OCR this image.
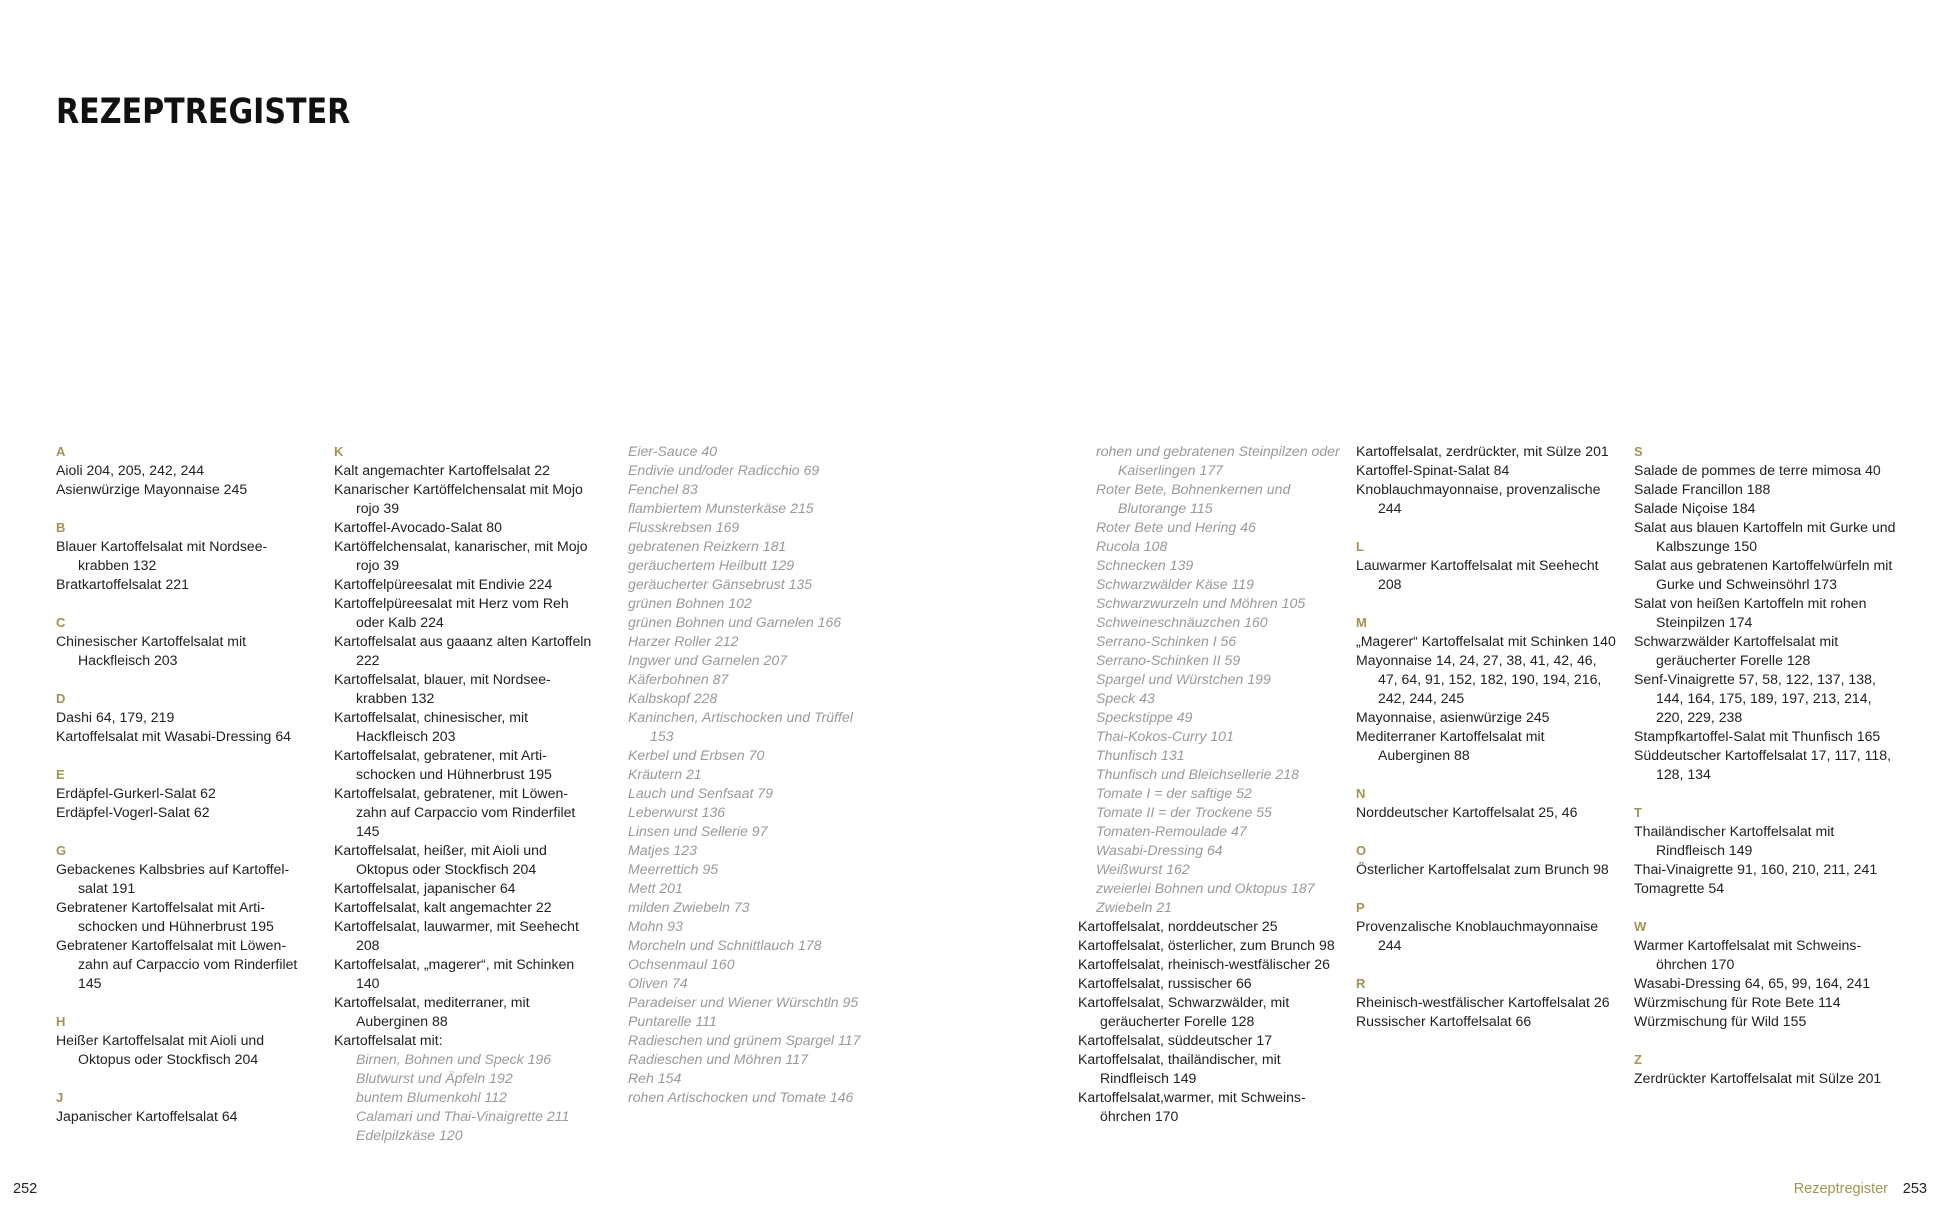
REZEPTREGISTER
A
Aioli 204, 205, 242, 244
Asienwürzige Mayonnaise 245
B
Blauer Kartoffelsalat mit Nordsee-krabben 132
Bratkartoffelsalat 221
C
Chinesischer Kartoffelsalat mit Hackfleisch 203
D
Dashi 64, 179, 219
Kartoffelsalat mit Wasabi-Dressing 64
E
Erdäpfel-Gurkerl-Salat 62
Erdäpfel-Vogerl-Salat 62
G
Gebackenes Kalbsbries auf Kartoffel-salat 191
Gebratener Kartoffelsalat mit Arti-schocken und Hühnerbrust 195
Gebratener Kartoffelsalat mit Löwen-zahn auf Carpaccio vom Rinderfilet 145
H
Heißer Kartoffelsalat mit Aioli und Oktopus oder Stockfisch 204
J
Japanischer Kartoffelsalat 64
K
Kalt angemachter Kartoffelsalat 22
Kanarischer Kartöffelchensalat mit Mojo rojo 39
Kartoffel-Avocado-Salat 80
Kartöffelchensalat, kanarischer, mit Mojo rojo 39
Kartoffelpüreesalat mit Endivie 224
Kartoffelpüreesalat mit Herz vom Reh oder Kalb 224
Kartoffelsalat aus gaaanz alten Kartoffeln 222
Kartoffelsalat, blauer, mit Nordsee-krabben 132
Kartoffelsalat, chinesischer, mit Hackfleisch 203
Kartoffelsalat, gebratener, mit Arti-schocken und Hühnerbrust 195
Kartoffelsalat, gebratener, mit Löwen-zahn auf Carpaccio vom Rinderfilet 145
Kartoffelsalat, heißer, mit Aioli und Oktopus oder Stockfisch 204
Kartoffelsalat, japanischer 64
Kartoffelsalat, kalt angemachter 22
Kartoffelsalat, lauwarmer, mit Seehecht 208
Kartoffelsalat, „magerer“, mit Schinken 140
Kartoffelsalat, mediterraner, mit Auberginen 88
Kartoffelsalat mit:
Birnen, Bohnen und Speck 196
Blutwurst und Äpfeln 192
buntem Blumenkohl 112
Calamari und Thai-Vinaigrette 211
Edelpilzkäse 120
Eier-Sauce 40
Endivie und/oder Radicchio 69
Fenchel 83
flambiertem Munsterkäse 215
Flusskrebsen 169
gebratenen Reizkern 181
geräuchertem Heilbutt 129
geräucherter Gänsebrust 135
grünen Bohnen 102
grünen Bohnen und Garnelen 166
Harzer Roller 212
Ingwer und Garnelen 207
Käferbohnen 87
Kalbskopf 228
Kaninchen, Artischocken und Trüffel 153
Kerbel und Erbsen 70
Kräutern 21
Lauch und Senfsaat 79
Leberwurst 136
Linsen und Sellerie 97
Matjes 123
Meerrettich 95
Mett 201
milden Zwiebeln 73
Mohn 93
Morcheln und Schnittlauch 178
Ochsenmaul 160
Oliven 74
Paradeiser und Wiener Würschtln 95
Puntarelle 111
Radieschen und grünem Spargel 117
Radieschen und Möhren 117
Reh 154
rohen Artischocken und Tomate 146
rohen und gebratenen Steinpilzen oder Kaiserlingen 177
Roter Bete, Bohnenkernen und Blutorange 115
Roter Bete und Hering 46
Rucola 108
Schnecken 139
Schwarzwälder Käse 119
Schwarzwurzeln und Möhren 105
Schweineschnäuzchen 160
Serrano-Schinken I 56
Serrano-Schinken II 59
Spargel und Würstchen 199
Speck 43
Speckstippe 49
Thai-Kokos-Curry 101
Thunfisch 131
Thunfisch und Bleichsellerie 218
Tomate I = der saftige 52
Tomate II = der Trockene 55
Tomaten-Remoulade 47
Wasabi-Dressing 64
Weißwurst 162
zweierlei Bohnen und Oktopus 187
Zwiebeln 21
Kartoffelsalat, norddeutscher 25
Kartoffelsalat, österlicher, zum Brunch 98
Kartoffelsalat, rheinisch-westfälischer 26
Kartoffelsalat, russischer 66
Kartoffelsalat, Schwarzwälder, mit geräucherter Forelle 128
Kartoffelsalat, süddeutscher 17
Kartoffelsalat, thailändischer, mit Rindfleisch 149
Kartoffelsalat,warmer, mit Schweins-öhrchen 170
Kartoffelsalat, zerdrückter, mit Sülze 201
Kartoffel-Spinat-Salat 84
Knoblauchmayonnaise, provenzalische 244
L
Lauwarmer Kartoffelsalat mit Seehecht 208
M
„Magerer“ Kartoffelsalat mit Schinken 140
Mayonnaise 14, 24, 27, 38, 41, 42, 46, 47, 64, 91, 152, 182, 190, 194, 216, 242, 244, 245
Mayonnaise, asienwürzige 245
Mediterraner Kartoffelsalat mit Auberginen 88
N
Norddeutscher Kartoffelsalat 25, 46
O
Österlicher Kartoffelsalat zum Brunch 98
P
Provenzalische Knoblauchmayonnaise 244
R
Rheinisch-westfälischer Kartoffelsalat 26
Russischer Kartoffelsalat 66
S
Salade de pommes de terre mimosa 40
Salade Francillon 188
Salade Niçoise 184
Salat aus blauen Kartoffeln mit Gurke und Kalbszunge 150
Salat aus gebratenen Kartoffelwürfeln mit Gurke und Schweinsöhrl 173
Salat von heißen Kartoffeln mit rohen Steinpilzen 174
Schwarzwälder Kartoffelsalat mit geräucherter Forelle 128
Senf-Vinaigrette 57, 58, 122, 137, 138, 144, 164, 175, 189, 197, 213, 214, 220, 229, 238
Stampfkartoffel-Salat mit Thunfisch 165
Süddeutscher Kartoffelsalat 17, 117, 118, 128, 134
T
Thailändischer Kartoffelsalat mit Rindfleisch 149
Thai-Vinaigrette 91, 160, 210, 211, 241
Tomagrette 54
W
Warmer Kartoffelsalat mit Schweins-öhrchen 170
Wasabi-Dressing 64, 65, 99, 164, 241
Würzmischung für Rote Bete 114
Würzmischung für Wild 155
Z
Zerdrückter Kartoffelsalat mit Sülze 201
252	Rezeptregister 253
